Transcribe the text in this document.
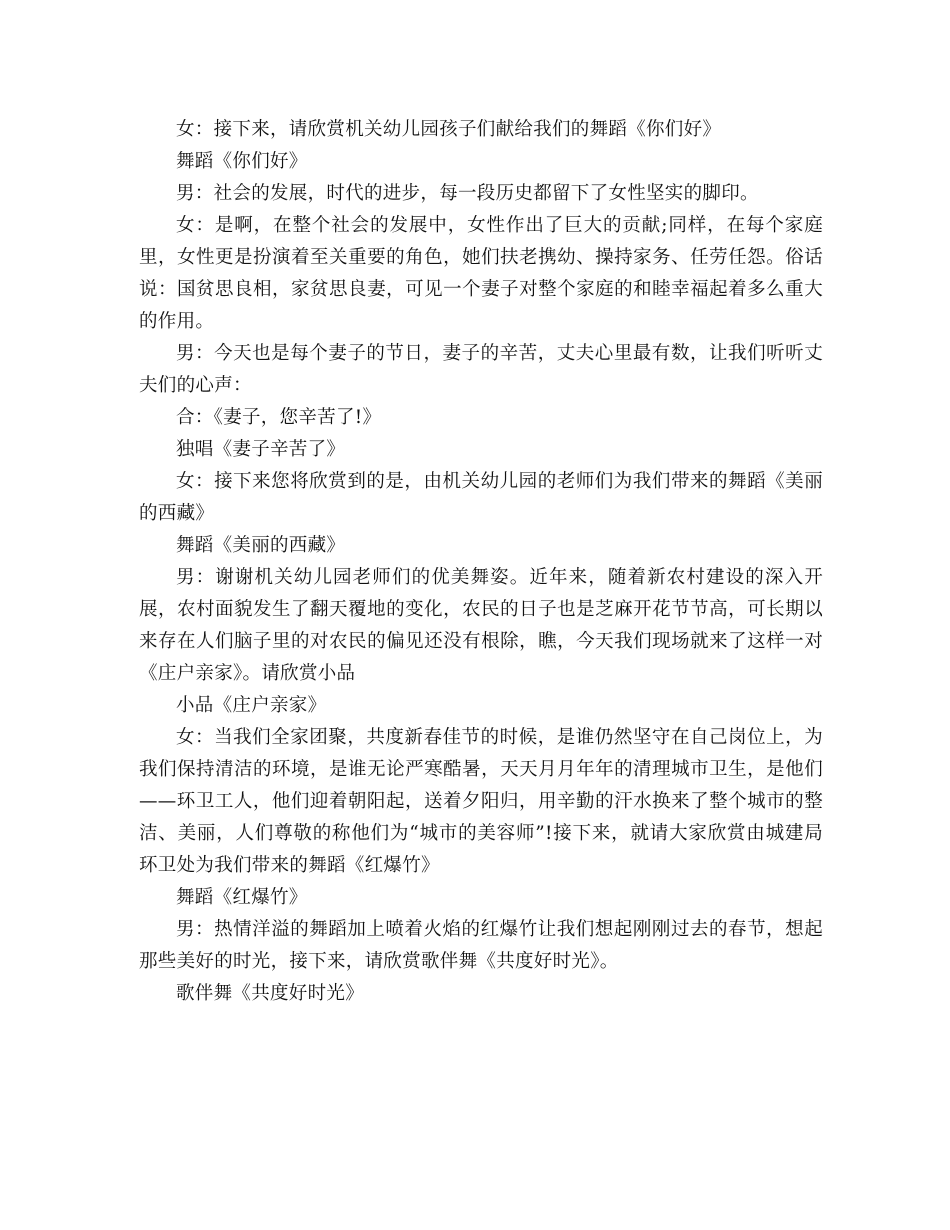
女：接下来，请欣赏机关幼儿园孩子们献给我们的舞蹈《你们好》

舞蹈《你们好》

男：社会的发展，时代的进步，每一段历史都留下了女性坚实的脚印。

女：是啊，在整个社会的发展中，女性作出了巨大的贡献;同样，在每个家庭里，女性更是扮演着至关重要的角色，她们扶老携幼、操持家务、任劳任怨。俗话说：国贫思良相，家贫思良妻，可见一个妻子对整个家庭的和睦幸福起着多么重大的作用。

男：今天也是每个妻子的节日，妻子的辛苦，丈夫心里最有数，让我们听听丈夫们的心声：

合：《妻子，您辛苦了!》

独唱《妻子辛苦了》

女：接下来您将欣赏到的是，由机关幼儿园的老师们为我们带来的舞蹈《美丽的西藏》

舞蹈《美丽的西藏》

男：谢谢机关幼儿园老师们的优美舞姿。近年来，随着新农村建设的深入开展，农村面貌发生了翻天覆地的变化，农民的日子也是芝麻开花节节高，可长期以来存在人们脑子里的对农民的偏见还没有根除，瞧，今天我们现场就来了这样一对《庄户亲家》。请欣赏小品

小品《庄户亲家》

女：当我们全家团聚，共度新春佳节的时候，是谁仍然坚守在自己岗位上，为我们保持清洁的环境，是谁无论严寒酷暑，天天月月年年的清理城市卫生，是他们——环卫工人，他们迎着朝阳起，送着夕阳归，用辛勤的汗水换来了整个城市的整洁、美丽，人们尊敬的称他们为“城市的美容师”!接下来，就请大家欣赏由城建局环卫处为我们带来的舞蹈《红爆竹》

舞蹈《红爆竹》

男：热情洋溢的舞蹈加上喷着火焰的红爆竹让我们想起刚刚过去的春节，想起那些美好的时光，接下来，请欣赏歌伴舞《共度好时光》。

歌伴舞《共度好时光》
